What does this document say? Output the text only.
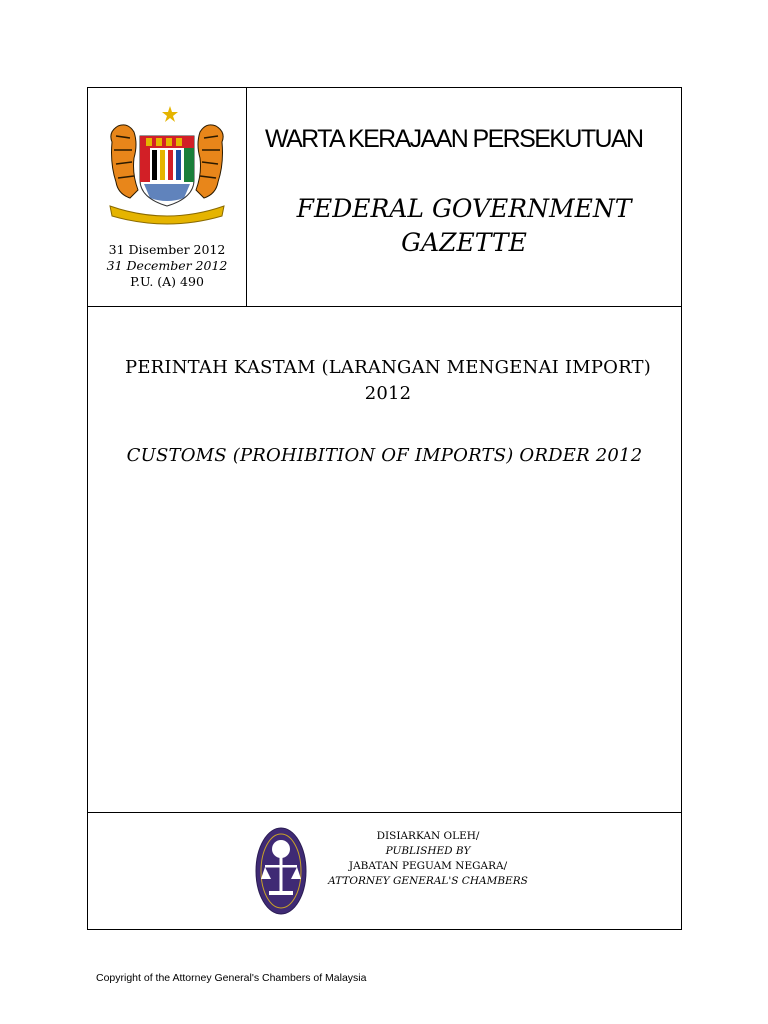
31 Disember 2012
31 December 2012
P.U. (A) 490
WARTA KERAJAAN PERSEKUTUAN
FEDERAL GOVERNMENT
GAZETTE
PERINTAH KASTAM (LARANGAN MENGENAI IMPORT)
2012
CUSTOMS (PROHIBITION OF IMPORTS) ORDER 2012
DISIARKAN OLEH/
PUBLISHED BY
JABATAN PEGUAM NEGARA/
ATTORNEY GENERAL'S CHAMBERS
Copyright of the Attorney General's Chambers of Malaysia
